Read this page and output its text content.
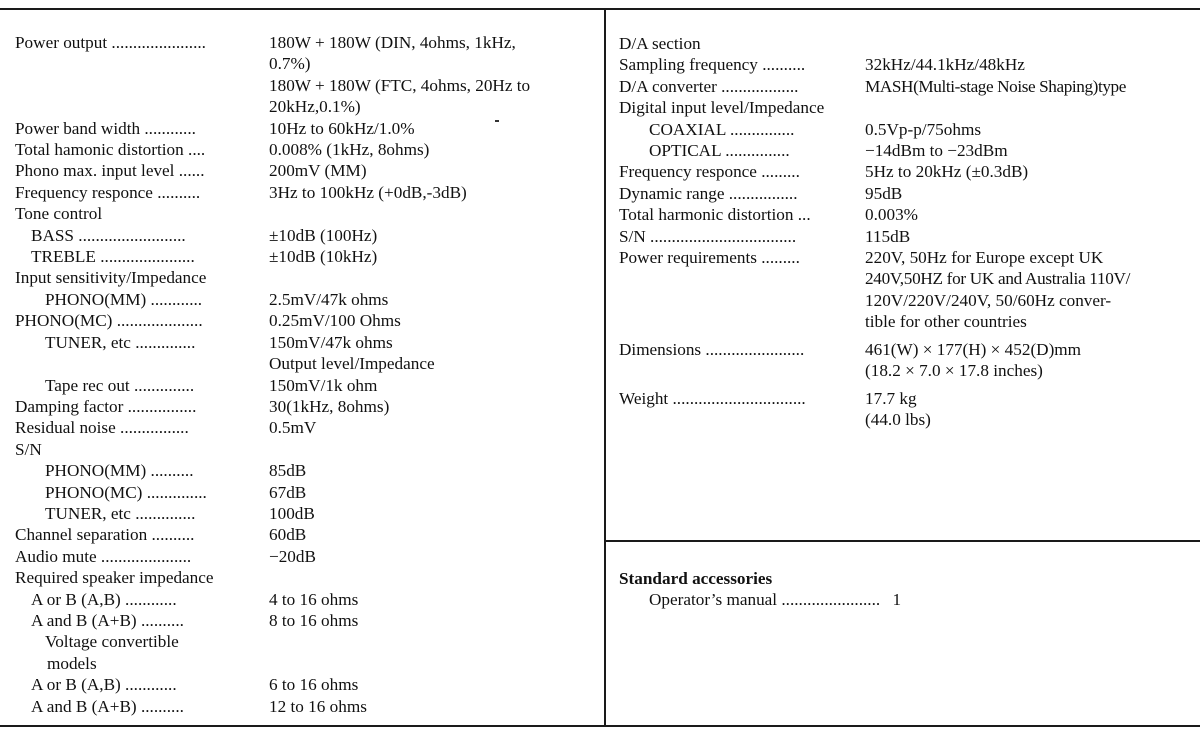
Power output ......................	180W + 180W (DIN, 4ohms, 1kHz,
0.7%)
180W + 180W (FTC, 4ohms, 20Hz to
20kHz,0.1%)
Power band width ............	10Hz to 60kHz/1.0%
Total hamonic distortion ....	0.008% (1kHz, 8ohms)
Phono max. input level ......	200mV (MM)
Frequency responce ..........	3Hz to 100kHz (+0dB,-3dB)
Tone control
BASS .........................	±10dB (100Hz)
TREBLE ......................	±10dB (10kHz)
Input sensitivity/Impedance
PHONO(MM) ............	2.5mV/47k ohms
PHONO(MC) ....................	0.25mV/100 Ohms
TUNER, etc ..............	150mV/47k ohms
Output level/Impedance
Tape rec out ..............	150mV/1k ohm
Damping factor ................	30(1kHz, 8ohms)
Residual noise ................	0.5mV
S/N
PHONO(MM) ..........	85dB
PHONO(MC) ..............	67dB
TUNER, etc ..............	100dB
Channel separation ..........	60dB
Audio mute .....................	−20dB
Required speaker impedance
A or B (A,B) ............	4 to 16 ohms
A and B (A+B) ..........	8 to 16 ohms
Voltage convertible
models
A or B (A,B) ............	6 to 16 ohms
A and B (A+B) ..........	12 to 16 ohms
D/A section
Sampling frequency ..........	32kHz/44.1kHz/48kHz
D/A converter ..................	MASH(Multi-stage Noise Shaping)type
Digital input level/Impedance
COAXIAL ...............	0.5Vp-p/75ohms
OPTICAL ...............	−14dBm to −23dBm
Frequency responce .........	5Hz to 20kHz (±0.3dB)
Dynamic range ................	95dB
Total harmonic distortion ...	0.003%
S/N ..................................	115dB
Power requirements .........	220V, 50Hz for Europe except UK
240V,50HZ for UK and Australia 110V/
120V/220V/240V, 50/60Hz conver-
tible for other countries
Dimensions .......................	461(W) × 177(H) × 452(D)mm
(18.2 × 7.0 × 17.8 inches)
Weight ...............................	17.7 kg
(44.0 lbs)
Standard accessories
Operator’s manual ....................... 1
